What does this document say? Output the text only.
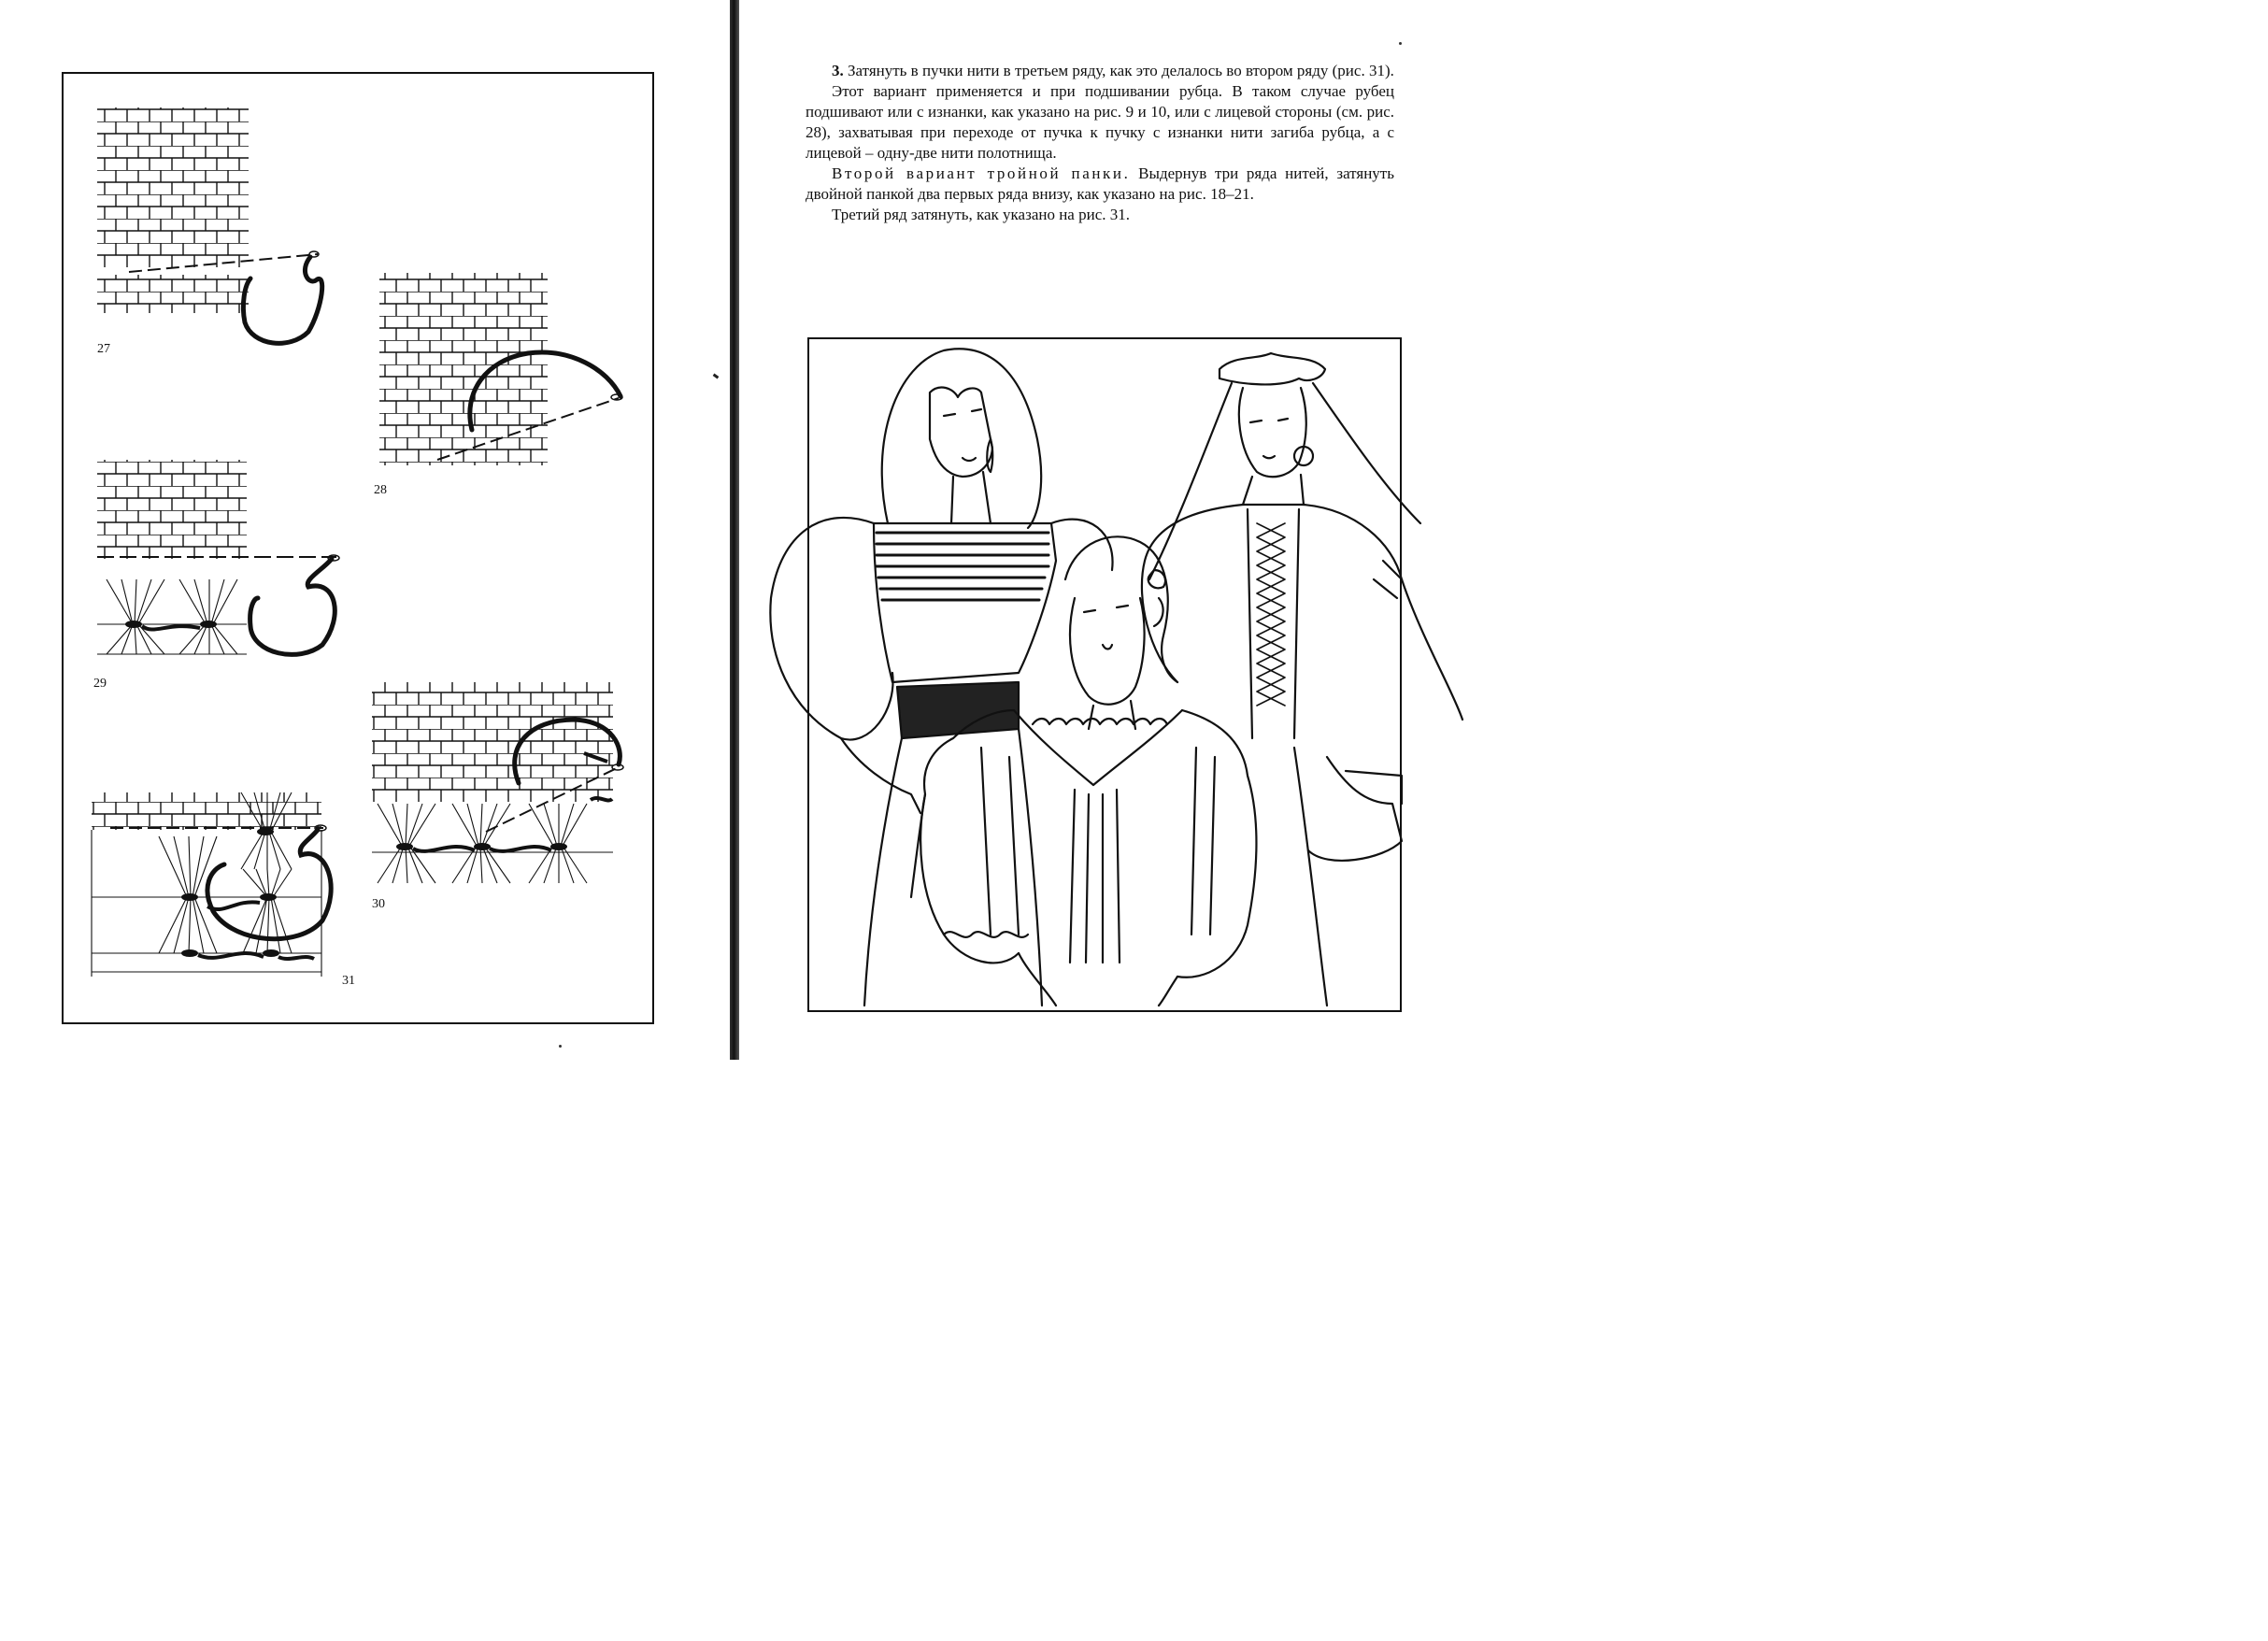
27
28
29
30
31

3. Затянуть в пучки нити в третьем ряду, как это делалось во втором ряду (рис. 31).

Этот вариант применяется и при подшивании рубца. В таком случае рубец подшивают или с изнанки, как указано на рис. 9 и 10, или с лицевой стороны (см. рис. 28), захватывая при переходе от пучка к пучку с изнанки нити загиба рубца, а с лицевой – одну-две нити полотнища.

Второй вариант тройной панки. Выдернув три ряда нитей, затянуть двойной панкой два первых ряда внизу, как указано на рис. 18–21.

Третий ряд затянуть, как указано на рис. 31.
